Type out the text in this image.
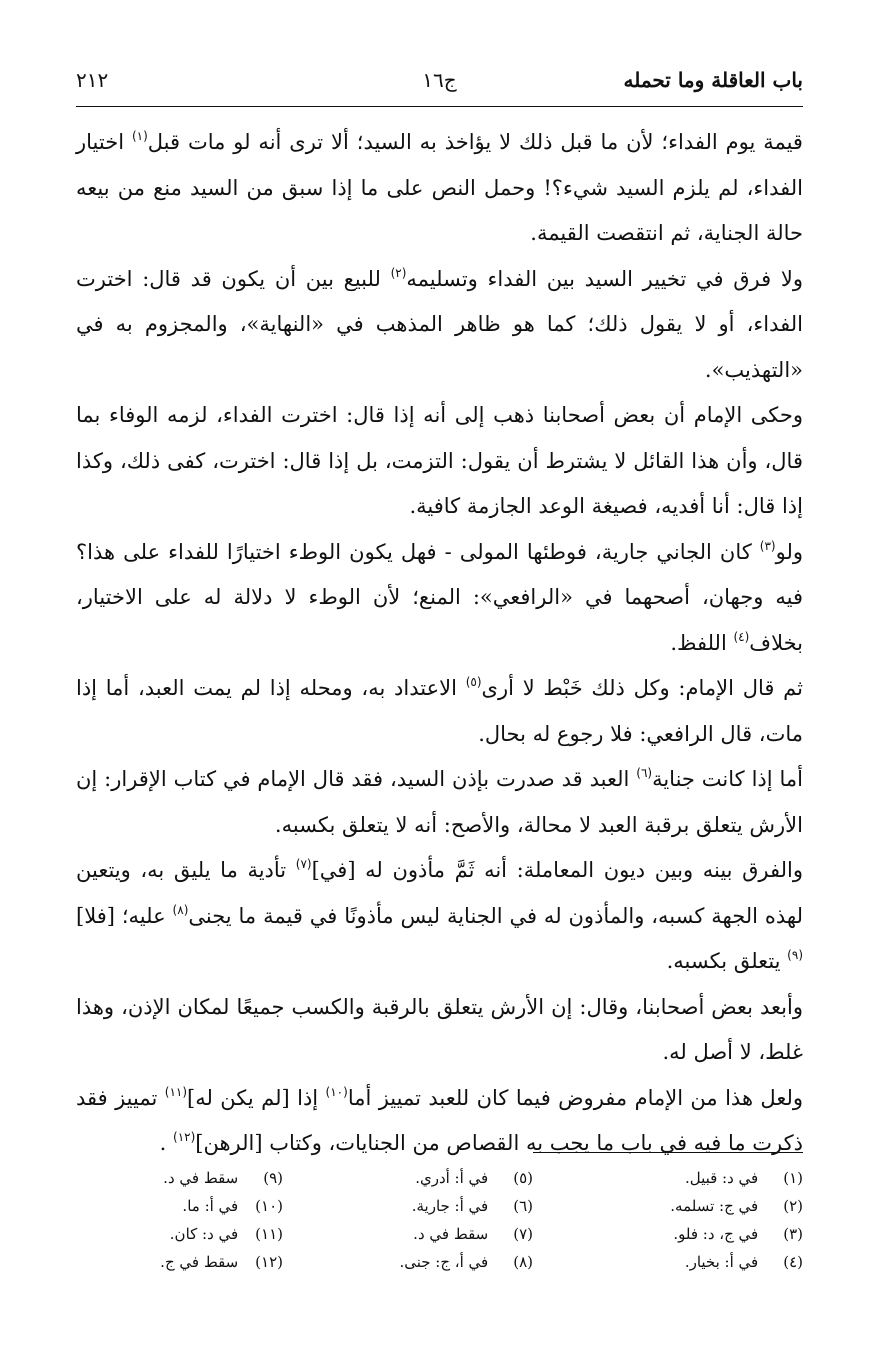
باب العاقلة وما تحمله
ج١٦
٢١٢

قيمة يوم الفداء؛ لأن ما قبل ذلك لا يؤاخذ به السيد؛ ألا ترى أنه لو مات قبل$^{(١)}$ اختيار الفداء، لم يلزم السيد شيء؟! وحمل النص على ما إذا سبق من السيد منع من بيعه حالة الجناية، ثم انتقصت القيمة.

ولا فرق في تخيير السيد بين الفداء وتسليمه$^{(٢)}$ للبيع بين أن يكون قد قال: اخترت الفداء، أو لا يقول ذلك؛ كما هو ظاهر المذهب في «النهاية»، والمجزوم به في «التهذيب».

وحكى الإمام أن بعض أصحابنا ذهب إلى أنه إذا قال: اخترت الفداء، لزمه الوفاء بما قال، وأن هذا القائل لا يشترط أن يقول: التزمت، بل إذا قال: اخترت، كفى ذلك، وكذا إذا قال: أنا أفديه، فصيغة الوعد الجازمة كافية.

ولو$^{(٣)}$ كان الجاني جارية، فوطئها المولى - فهل يكون الوطء اختيارًا للفداء على هذا؟ فيه وجهان، أصحهما في «الرافعي»: المنع؛ لأن الوطء لا دلالة له على الاختيار، بخلاف$^{(٤)}$ اللفظ.

ثم قال الإمام: وكل ذلك خَبْط لا أرى$^{(٥)}$ الاعتداد به، ومحله إذا لم يمت العبد، أما إذا مات، قال الرافعي: فلا رجوع له بحال.

أما إذا كانت جناية$^{(٦)}$ العبد قد صدرت بإذن السيد، فقد قال الإمام في كتاب الإقرار: إن الأرش يتعلق برقبة العبد لا محالة، والأصح: أنه لا يتعلق بكسبه.

والفرق بينه وبين ديون المعاملة: أنه ثَمَّ مأذون له [في]$^{(٧)}$ تأدية ما يليق به، ويتعين لهذه الجهة كسبه، والمأذون له في الجناية ليس مأذونًا في قيمة ما يجنى$^{(٨)}$ عليه؛ [فلا]$^{(٩)}$ يتعلق بكسبه.

وأبعد بعض أصحابنا، وقال: إن الأرش يتعلق بالرقبة والكسب جميعًا لمكان الإذن، وهذا غلط، لا أصل له.

ولعل هذا من الإمام مفروض فيما كان للعبد تمييز أما$^{(١٠)}$ إذا [لم يكن له]$^{(١١)}$ تمييز فقد ذكرت ما فيه في باب ما يجب به القصاص من الجنايات، وكتاب [الرهن]$^{(١٢)}$ .

(١) في د: قبيل.
(٢) في ج: تسلمه.
(٣) في ج، د: فلو.
(٤) في أ: بخيار.
(٥) في أ: أدري.
(٦) في أ: جارية.
(٧) سقط في د.
(٨) في أ، ج: جنى.
(٩) سقط في د.
(١٠) في أ: ما.
(١١) في د: كان.
(١٢) سقط في ج.
